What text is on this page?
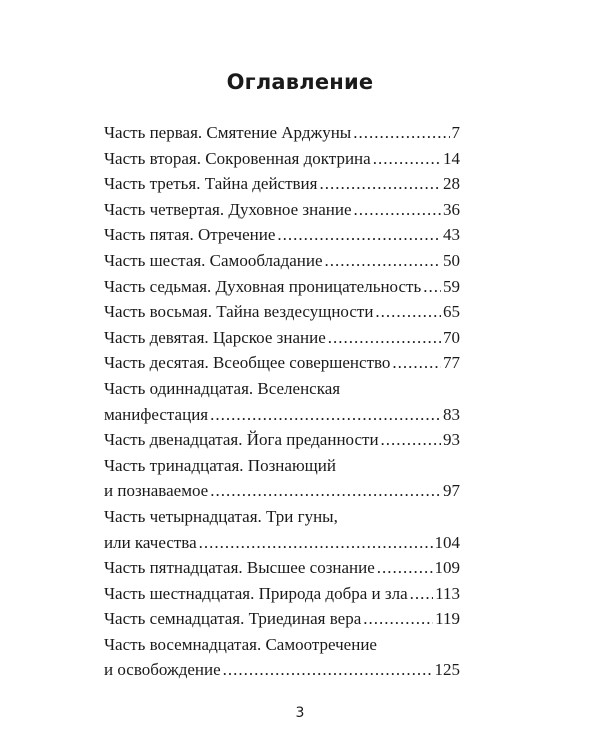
Оглавление
Часть первая. Смятение Арджуны .....	7
Часть вторая. Сокровенная доктрина .....	14
Часть третья. Тайна действия .....	28
Часть четвертая. Духовное знание .....	36
Часть пятая. Отречение .....	43
Часть шестая. Самообладание .....	50
Часть седьмая. Духовная проницательность ..... 59
Часть восьмая. Тайна вездесущности .....	65
Часть девятая. Царское знание .....	70
Часть десятая. Всеобщее совершенство .....	77
Часть одиннадцатая. Вселенская
манифестация .....	83
Часть двенадцатая. Йога преданности .....	93
Часть тринадцатая. Познающий
и познаваемое .....	97
Часть четырнадцатая. Три гуны,
или качества .....	104
Часть пятнадцатая. Высшее сознание .....	109
Часть шестнадцатая. Природа добра и зла ..... 113
Часть семнадцатая. Триединая вера .....	119
Часть восемнадцатая. Самоотречение
и освобождение .....	125
3
